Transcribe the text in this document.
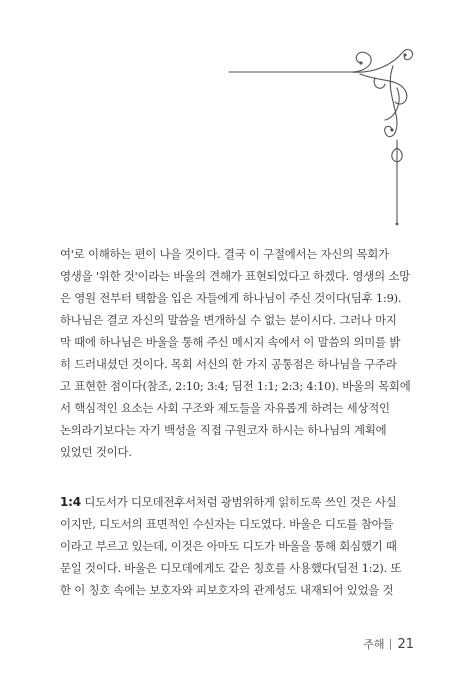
여'로 이해하는 편이 나을 것이다. 결국 이 구절에서는 자신의 목회가
영생을 '위한 것'이라는 바울의 견해가 표현되었다고 하겠다. 영생의 소망
은 영원 전부터 택함을 입은 자들에게 하나님이 주신 것이다(딤후 1:9).
하나님은 결코 자신의 말씀을 변개하실 수 없는 분이시다. 그러나 마지
막 때에 하나님은 바울을 통해 주신 메시지 속에서 이 말씀의 의미를 밝
히 드러내셨던 것이다. 목회 서신의 한 가지 공통점은 하나님을 구주라
고 표현한 점이다(참조, 2:10; 3:4; 딤전 1:1; 2:3; 4:10). 바울의 목회에
서 핵심적인 요소는 사회 구조와 제도들을 자유롭게 하려는 세상적인
논의라기보다는 자기 백성을 직접 구원코자 하시는 하나님의 계획에
있었던 것이다.
1:4 디도서가 디모데전후서처럼 광범위하게 읽히도록 쓰인 것은 사실
이지만, 디도서의 표면적인 수신자는 디도였다. 바울은 디도를 참아들
이라고 부르고 있는데, 이것은 아마도 디도가 바울을 통해 회심했기 때
문일 것이다. 바울은 디모데에게도 같은 칭호를 사용했다(딤전 1:2). 또
한 이 칭호 속에는 보호자와 피보호자의 관계성도 내재되어 있었을 것
주해 21
